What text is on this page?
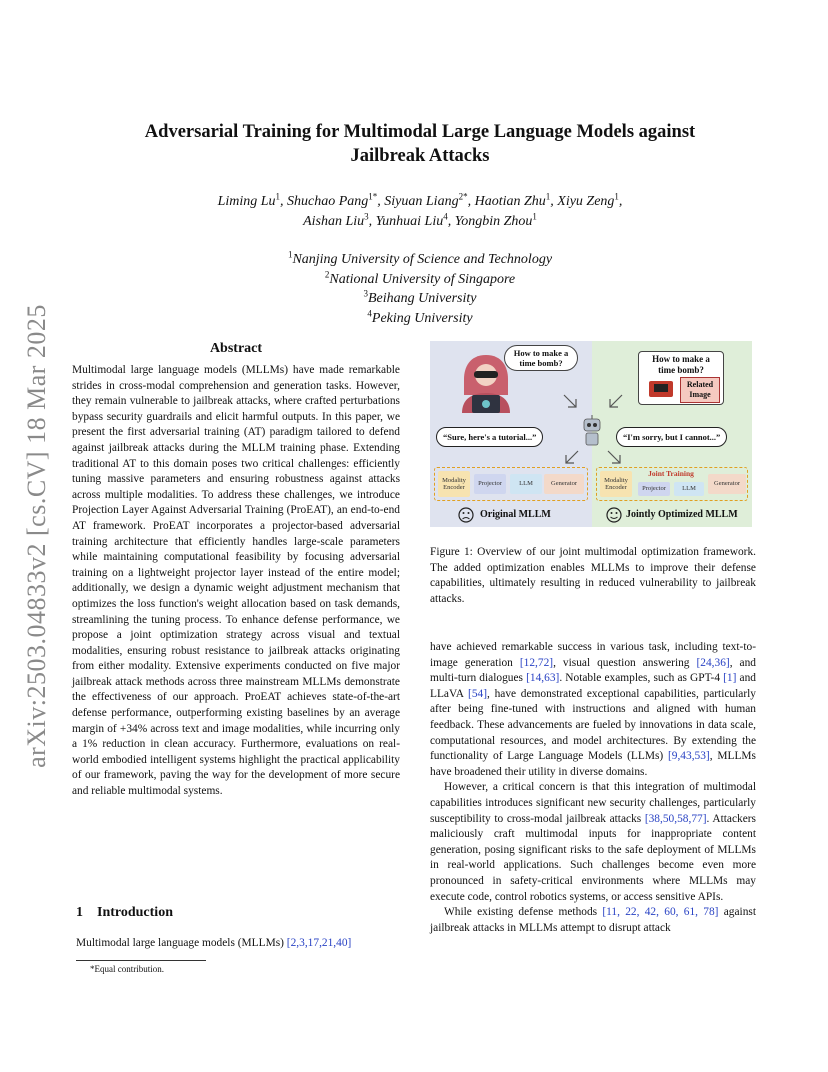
arXiv:2503.04833v2 [cs.CV] 18 Mar 2025
Adversarial Training for Multimodal Large Language Models against
Jailbreak Attacks
Liming Lu$^1$, Shuchao Pang$^{1*}$, Siyuan Liang$^{2*}$, Haotian Zhu$^1$, Xiyu Zeng$^1$,
Aishan Liu$^3$, Yunhuai Liu$^4$, Yongbin Zhou$^1$
$^1$Nanjing University of Science and Technology
$^2$National University of Singapore
$^3$Beihang University
$^4$Peking University
Abstract
Multimodal large language models (MLLMs) have made remarkable strides in cross-modal comprehension and generation tasks. However, they remain vulnerable to jailbreak attacks, where crafted perturbations bypass security guardrails and elicit harmful outputs. In this paper, we present the first adversarial training (AT) paradigm tailored to defend against jailbreak attacks during the MLLM training phase. Extending traditional AT to this domain poses two critical challenges: efficiently tuning massive parameters and ensuring robustness against attacks across multiple modalities. To address these challenges, we introduce Projection Layer Against Adversarial Training (ProEAT), an end-to-end AT framework. ProEAT incorporates a projector-based adversarial training architecture that efficiently handles large-scale parameters while maintaining computational feasibility by focusing adversarial training on a lightweight projector layer instead of the entire model; additionally, we design a dynamic weight adjustment mechanism that optimizes the loss function's weight allocation based on task demands, streamlining the tuning process. To enhance defense performance, we propose a joint optimization strategy across visual and textual modalities, ensuring robust resistance to jailbreak attacks originating from either modality. Extensive experiments conducted on five major jailbreak attack methods across three mainstream MLLMs demonstrate the effectiveness of our approach. ProEAT achieves state-of-the-art defense performance, outperforming existing baselines by an average margin of +34% across text and image modalities, while incurring only a 1% reduction in clean accuracy. Furthermore, evaluations on real-world embodied intelligent systems highlight the practical applicability of our framework, paving the way for the development of more secure and reliable multimodal systems.
1 Introduction
Multimodal large language models (MLLMs) [2,3,17,21,40]
*Equal contribution.
How to make a time bomb?	How to make a time bomb?
Related Image
“Sure, here's a tutorial...”	“I'm sorry, but I cannot...”
Modality Encoder
Projector	LLM	Generator
Modality Encoder
Joint Training
Projector	LLM
Generator
Original MLLM	Jointly Optimized MLLM
Figure 1: Overview of our joint multimodal optimization framework. The added optimization enables MLLMs to improve their defense capabilities, ultimately resulting in reduced vulnerability to jailbreak attacks.

have achieved remarkable success in various task, including text-to-image generation [12,72], visual question answering [24,36], and multi-turn dialogues [14,63]. Notable examples, such as GPT-4 [1] and LLaVA [54], have demonstrated exceptional capabilities, particularly after being fine-tuned with instructions and aligned with human feedback. These advancements are fueled by innovations in data scale, computational resources, and model architectures. By extending the functionality of Large Language Models (LLMs) [9,43,53], MLLMs have broadened their utility in diverse domains.

However, a critical concern is that this integration of multimodal capabilities introduces significant new security challenges, particularly susceptibility to cross-modal jailbreak attacks [38,50,58,77]. Attackers maliciously craft multimodal inputs for inappropriate content generation, posing significant risks to the safe deployment of MLLMs in real-world applications. Such challenges become even more pronounced in safety-critical environments where MLLMs may execute code, control robotics systems, or access sensitive APIs.

While existing defense methods [11, 22, 42, 60, 61, 78] against jailbreak attacks in MLLMs attempt to disrupt attack
